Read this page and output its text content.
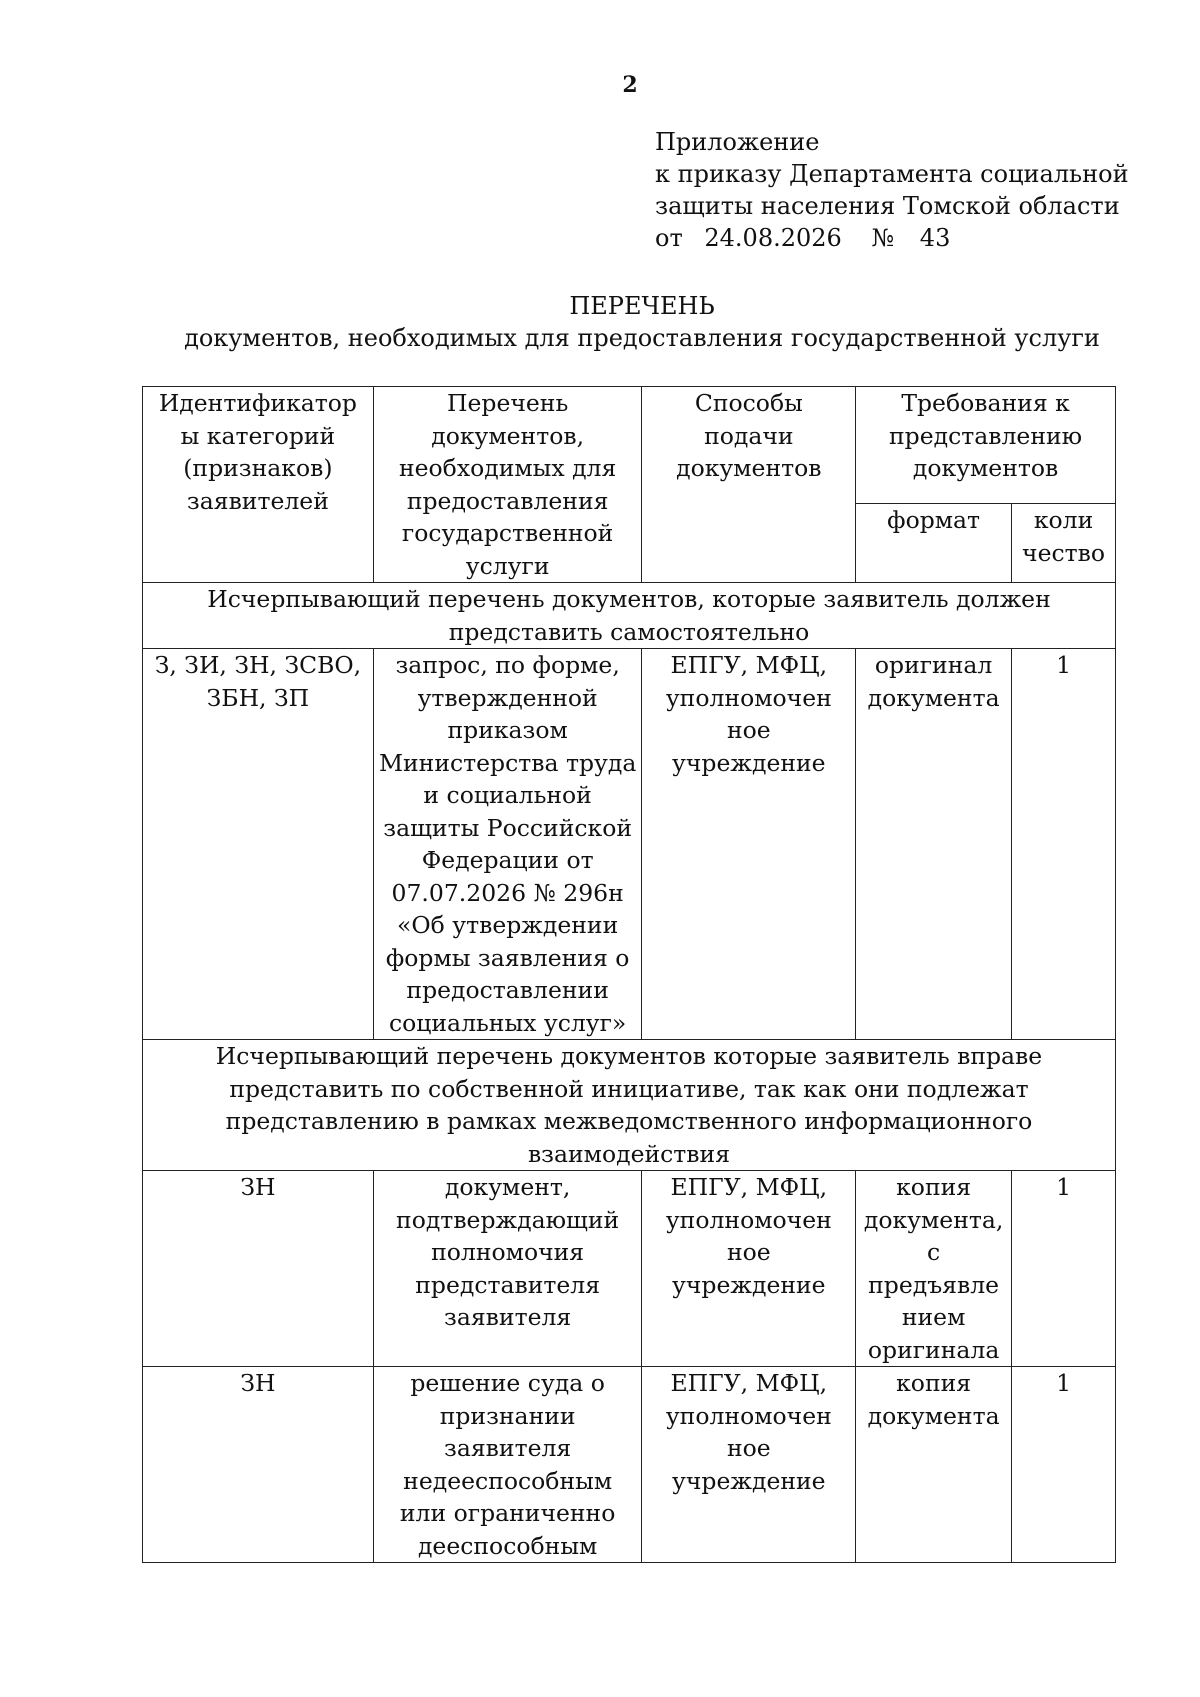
2
Приложение
к приказу Департамента социальной
защиты населения Томской области
от 24.08.2026 № 43
ПЕРЕЧЕНЬ
документов, необходимых для предоставления государственной услуги
Идентификатор ы категорий (признаков) заявителей	Перечень документов, необходимых для предоставления государственной услуги	Способы подачи документов	Требования к представлению документов	
			формат	коли чество
Исчерпывающий перечень документов, которые заявитель должен представить самостоятельно				
З, ЗИ, ЗН, ЗСВО, ЗБН, ЗП	запрос, по форме, утвержденной приказом Министерства труда и социальной защиты Российской Федерации от 07.07.2026 № 296н «Об утверждении формы заявления о предоставлении социальных услуг»	ЕПГУ, МФЦ, уполномочен ное учреждение	оригинал документа	1
Исчерпывающий перечень документов которые заявитель вправе представить по собственной инициативе, так как они подлежат представлению в рамках межведомственного информационного взаимодействия				
ЗН	документ, подтверждающий полномочия представителя заявителя	ЕПГУ, МФЦ, уполномочен ное учреждение	копия документа, с предъявле нием оригинала	1
ЗН	решение суда о признании заявителя недееспособным или ограниченно дееспособным	ЕПГУ, МФЦ, уполномочен ное учреждение	копия документа	1
